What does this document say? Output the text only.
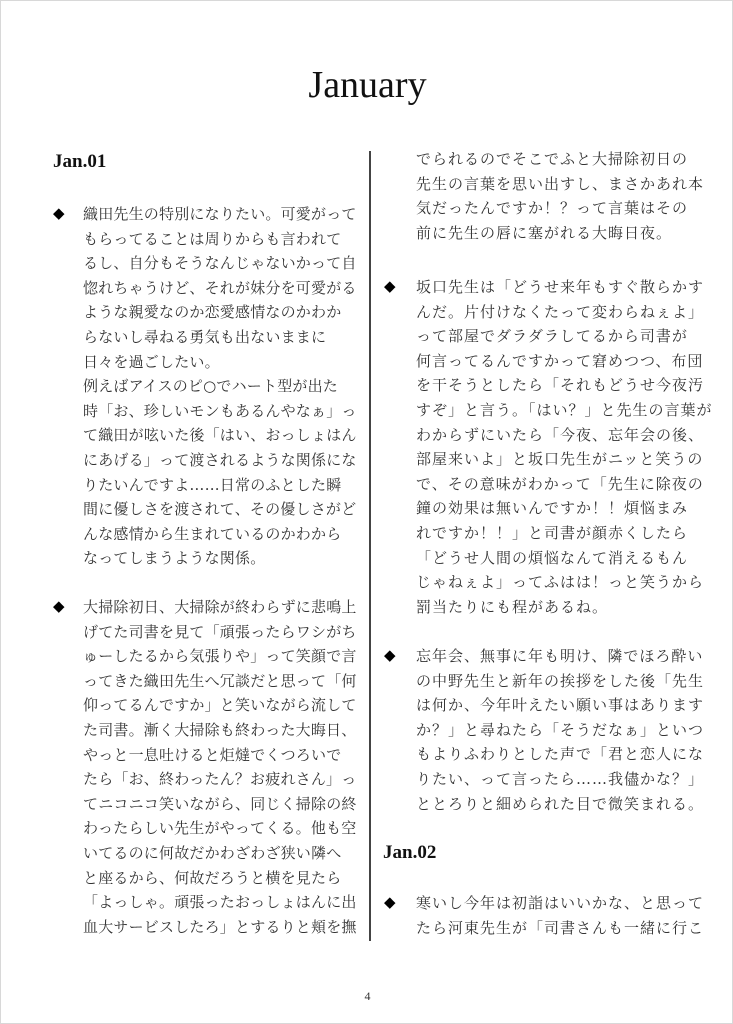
January
Jan.01
Jan.02
◆ 織田先生の特別になりたい。可愛がって
もらってることは周りからも言われて
るし、自分もそうなんじゃないかって自
惚れちゃうけど、それが妹分を可愛がる
ような親愛なのか恋愛感情なのかわか
らないし尋ねる勇気も出ないままに
日々を過ごしたい。
例えばアイスのピ○でハート型が出た
時「お、珍しいモンもあるんやなぁ」っ
て織田が呟いた後「はい、おっしょはん
にあげる」って渡されるような関係にな
りたいんですよ……日常のふとした瞬
間に優しさを渡されて、その優しさがど
んな感情から生まれているのかわから
なってしまうような関係。
◆ 大掃除初日、大掃除が終わらずに悲鳴上
げてた司書を見て「頑張ったらワシがち
ゅーしたるから気張りや」って笑顔で言
ってきた織田先生へ冗談だと思って「何
仰ってるんですか」と笑いながら流して
た司書。漸く大掃除も終わった大晦日、
やっと一息吐けると炬燵でくつろいで
たら「お、終わったん？お疲れさん」っ
てニコニコ笑いながら、同じく掃除の終
わったらしい先生がやってくる。他も空
いてるのに何故だかわざわざ狭い隣へ
と座るから、何故だろうと横を見たら
「よっしゃ。頑張ったおっしょはんに出
血大サービスしたろ」とするりと頬を撫
でられるのでそこでふと大掃除初日の
先生の言葉を思い出すし、まさかあれ本
気だったんですか！？って言葉はその
前に先生の唇に塞がれる大晦日夜。
◆ 坂口先生は「どうせ来年もすぐ散らかす
んだ。片付けなくたって変わらねぇよ」
って部屋でダラダラしてるから司書が
何言ってるんですかって窘めつつ、布団
を干そうとしたら「それもどうせ今夜汚
すぞ」と言う。「はい？」と先生の言葉が
わからずにいたら「今夜、忘年会の後、
部屋来いよ」と坂口先生がニッと笑うの
で、その意味がわかって「先生に除夜の
鐘の効果は無いんですか！！煩悩まみ
れですか！！」と司書が顔赤くしたら
「どうせ人間の煩悩なんて消えるもん
じゃねぇよ」ってふはは！っと笑うから
罰当たりにも程があるね。
◆ 忘年会、無事に年も明け、隣でほろ酔い
の中野先生と新年の挨拶をした後「先生
は何か、今年叶えたい願い事はあります
か？」と尋ねたら「そうだなぁ」といつ
もよりふわりとした声で「君と恋人にな
りたい、って言ったら……我儘かな？」
ととろりと細められた目で微笑まれる。
◆ 寒いし今年は初詣はいいかな、と思って
たら河東先生が「司書さんも一緒に行こ
4
